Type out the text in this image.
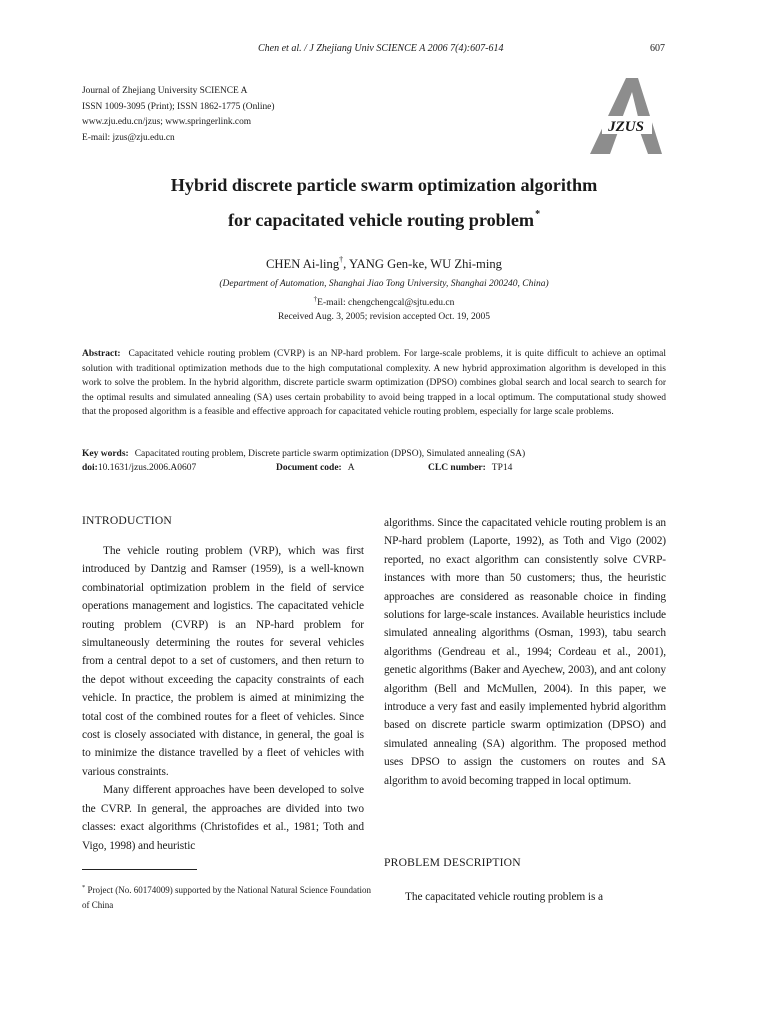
Chen et al. / J Zhejiang Univ SCIENCE A 2006 7(4):607-614	607
Journal of Zhejiang University SCIENCE A
ISSN 1009-3095 (Print); ISSN 1862-1775 (Online)
www.zju.edu.cn/jzus; www.springerlink.com
E-mail: jzus@zju.edu.cn
JZUS
Hybrid discrete particle swarm optimization algorithm
for capacitated vehicle routing problem*
CHEN Ai-ling†, YANG Gen-ke, WU Zhi-ming
(Department of Automation, Shanghai Jiao Tong University, Shanghai 200240, China)
†E-mail: chengchengcal@sjtu.edu.cn
Received Aug. 3, 2005; revision accepted Oct. 19, 2005
Abstract: Capacitated vehicle routing problem (CVRP) is an NP-hard problem. For large-scale problems, it is quite difficult to achieve an optimal solution with traditional optimization methods due to the high computational complexity. A new hybrid approximation algorithm is developed in this work to solve the problem. In the hybrid algorithm, discrete particle swarm optimization (DPSO) combines global search and local search to search for the optimal results and simulated annealing (SA) uses certain probability to avoid being trapped in a local optimum. The computational study showed that the proposed algorithm is a feasible and effective approach for capacitated vehicle routing problem, especially for large scale problems.
Key words: Capacitated routing problem, Discrete particle swarm optimization (DPSO), Simulated annealing (SA)
doi:10.1631/jzus.2006.A0607	Document code: A	CLC number: TP14
INTRODUCTION

The vehicle routing problem (VRP), which was first introduced by Dantzig and Ramser (1959), is a well-known combinatorial optimization problem in the field of service operations management and logistics. The capacitated vehicle routing problem (CVRP) is an NP-hard problem for simultaneously determining the routes for several vehicles from a central depot to a set of customers, and then return to the depot without exceeding the capacity constraints of each vehicle. In practice, the problem is aimed at minimizing the total cost of the combined routes for a fleet of vehicles. Since cost is closely associated with distance, in general, the goal is to minimize the distance travelled by a fleet of vehicles with various constraints.

Many different approaches have been developed to solve the CVRP. In general, the approaches are divided into two classes: exact algorithms (Christofides et al., 1981; Toth and Vigo, 1998) and heuristic

algorithms. Since the capacitated vehicle routing problem is an NP-hard problem (Laporte, 1992), as Toth and Vigo (2002) reported, no exact algorithm can consistently solve CVRP-instances with more than 50 customers; thus, the heuristic approaches are considered as reasonable choice in finding solutions for large-scale instances. Available heuristics include simulated annealing algorithms (Osman, 1993), tabu search algorithms (Gendreau et al., 1994; Cordeau et al., 2001), genetic algorithms (Baker and Ayechew, 2003), and ant colony algorithm (Bell and McMullen, 2004). In this paper, we introduce a very fast and easily implemented hybrid algorithm based on discrete particle swarm optimization (DPSO) and simulated annealing (SA) algorithm. The proposed method uses DPSO to assign the customers on routes and SA algorithm to avoid becoming trapped in local optimum.

PROBLEM DESCRIPTION

The capacitated vehicle routing problem is a

* Project (No. 60174009) supported by the National Natural Science Foundation of China
